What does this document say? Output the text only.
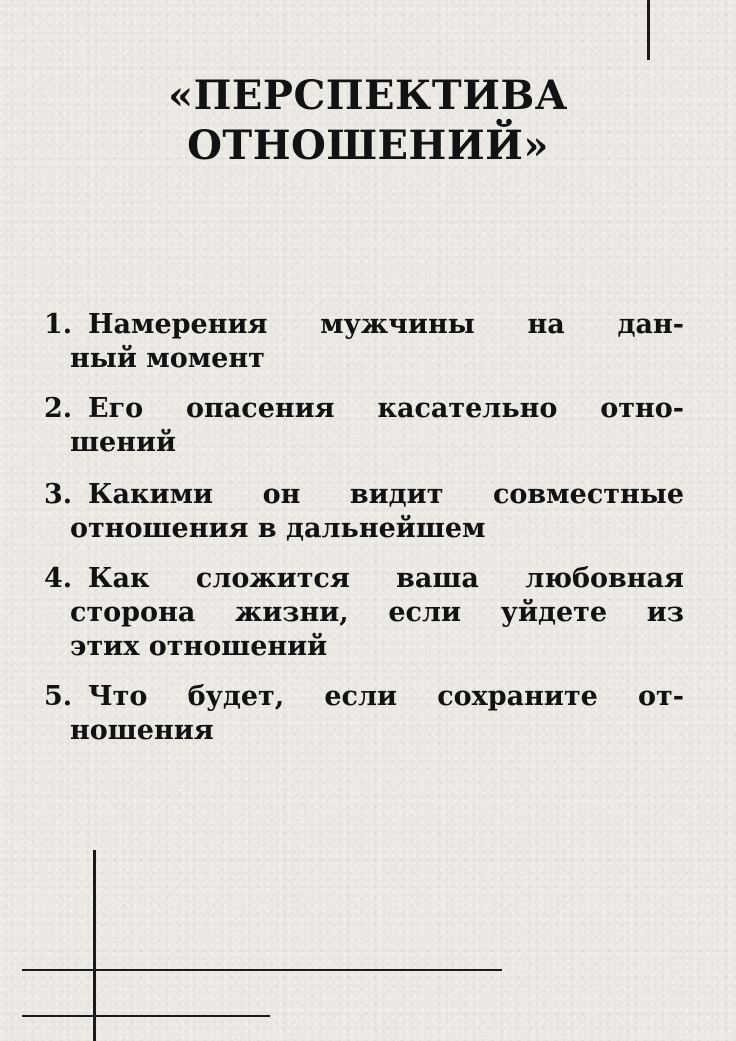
«ПЕРСПЕКТИВА
ОТНОШЕНИЙ»
1. Намерения мужчины на дан-
ный момент
2. Его опасения касательно отно-
шений
3. Какими он видит совместные
отношения в дальнейшем
4. Как сложится ваша любовная
сторона жизни, если уйдете из
этих отношений
5. Что будет, если сохраните от-
ношения
